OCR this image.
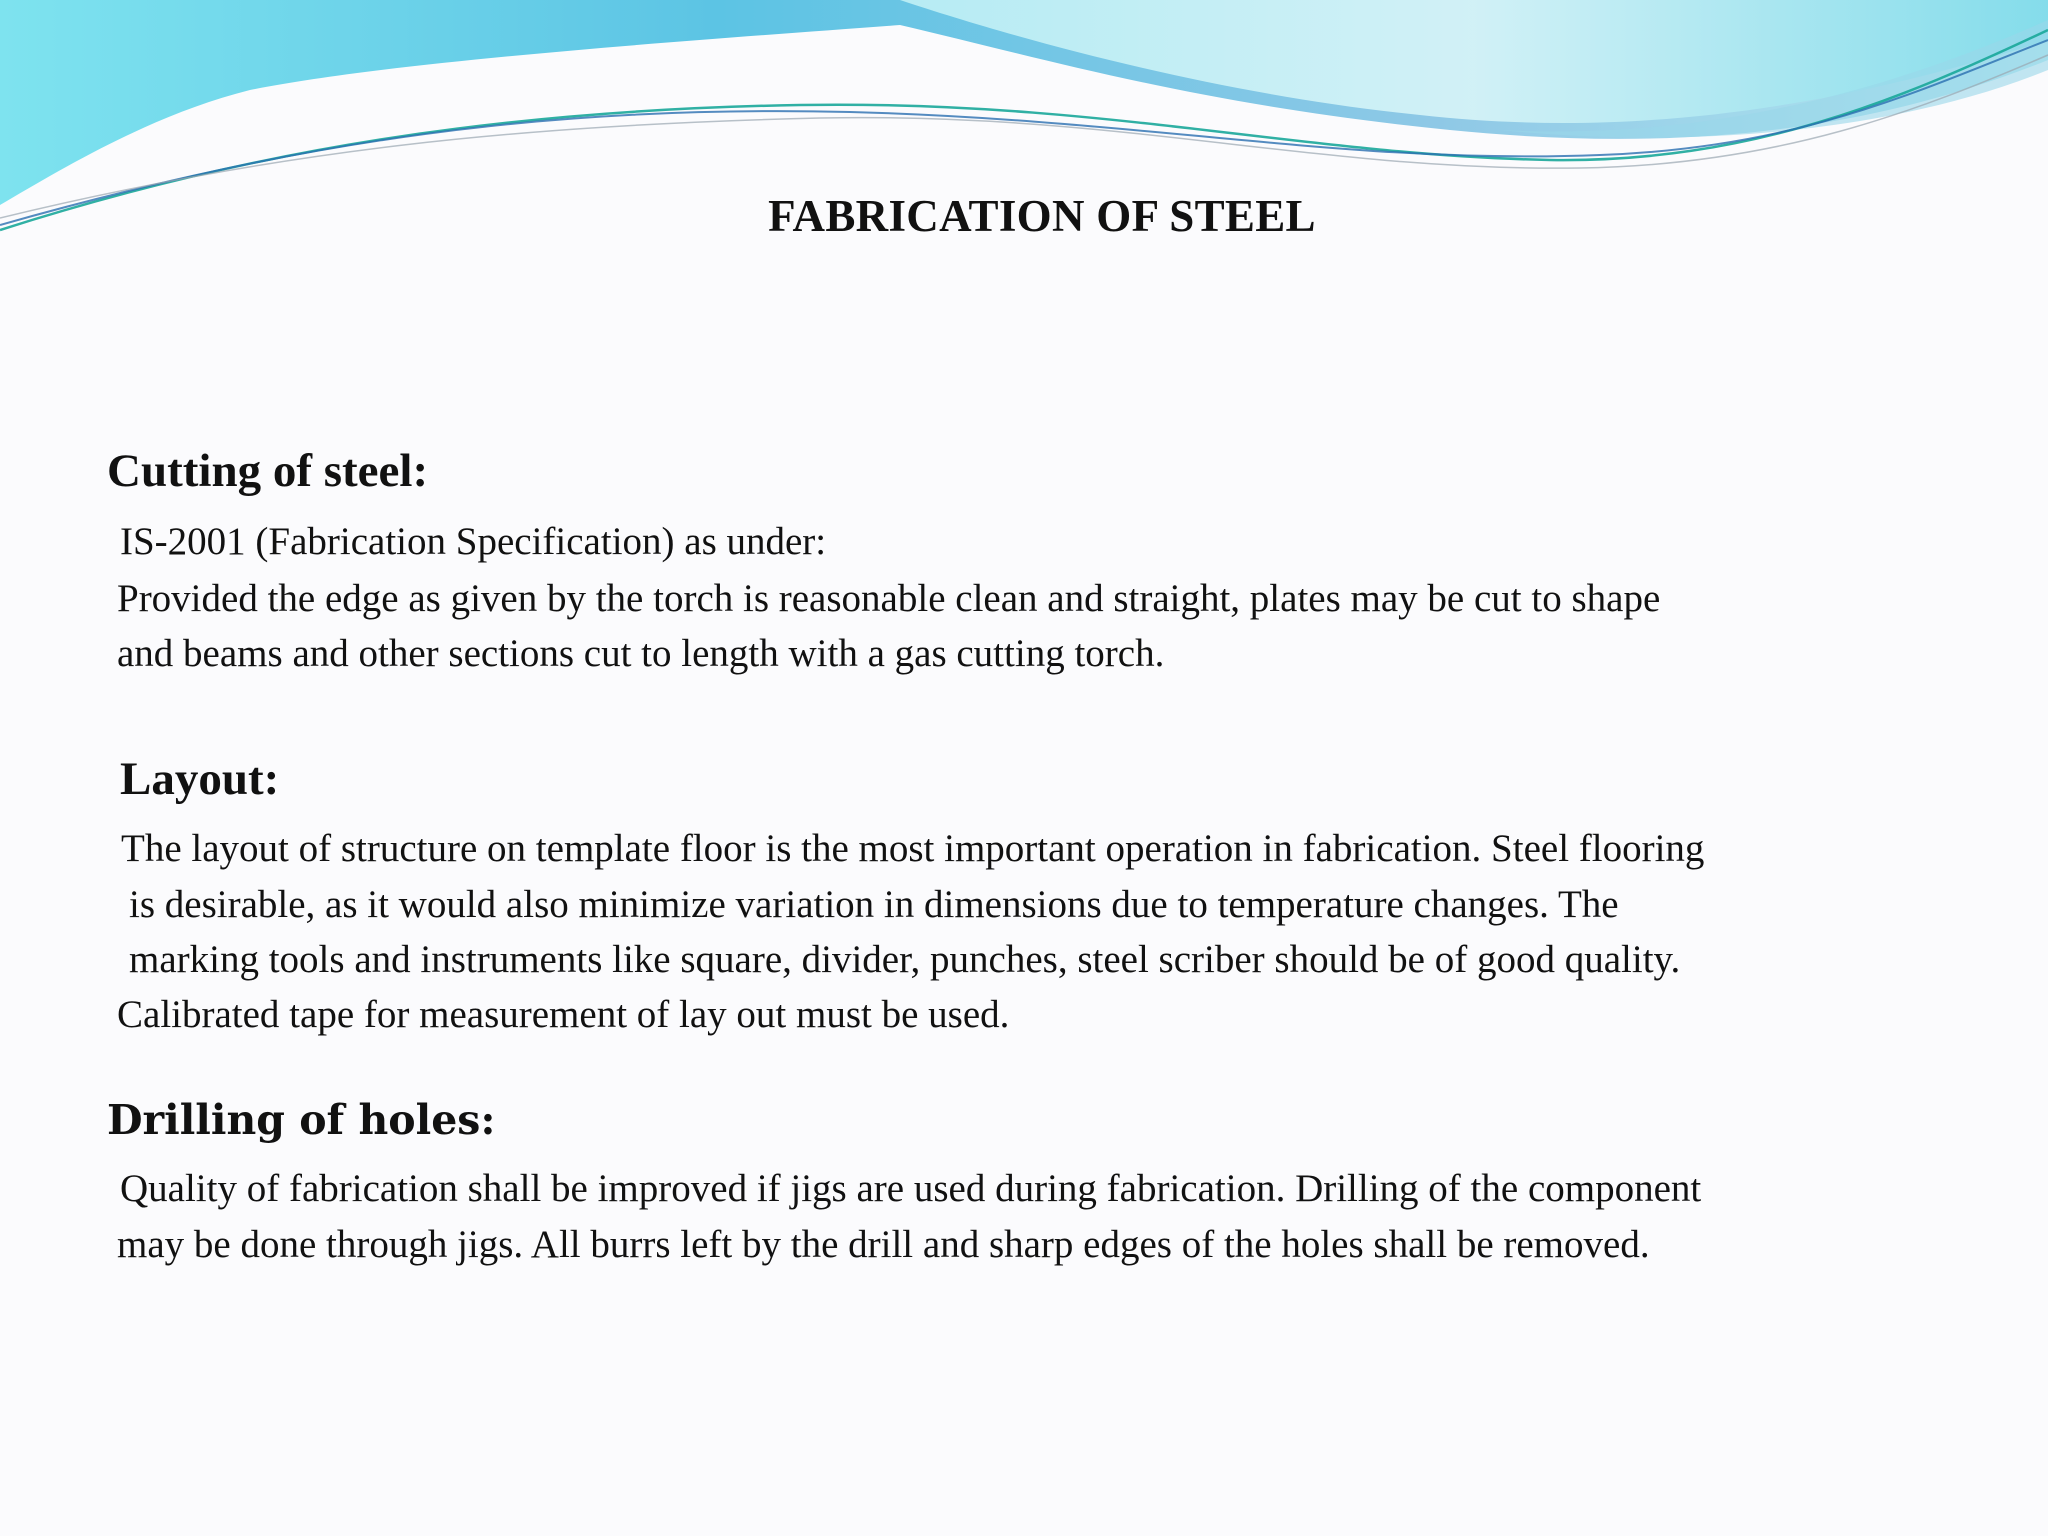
FABRICATION OF STEEL
Cutting of steel:

IS-2001 (Fabrication Specification) as under:

Provided the edge as given by the torch is reasonable clean and straight, plates may be cut to shape

and beams and other sections cut to length with a gas cutting torch.

Layout:

The layout of structure on template floor is the most important operation in fabrication. Steel flooring

is desirable, as it would also minimize variation in dimensions due to temperature changes. The

marking tools and instruments like square, divider, punches, steel scriber should be of good quality.

Calibrated tape for measurement of lay out must be used.

Drilling of holes:

Quality of fabrication shall be improved if jigs are used during fabrication. Drilling of the component

may be done through jigs. All burrs left by the drill and sharp edges of the holes shall be removed.
